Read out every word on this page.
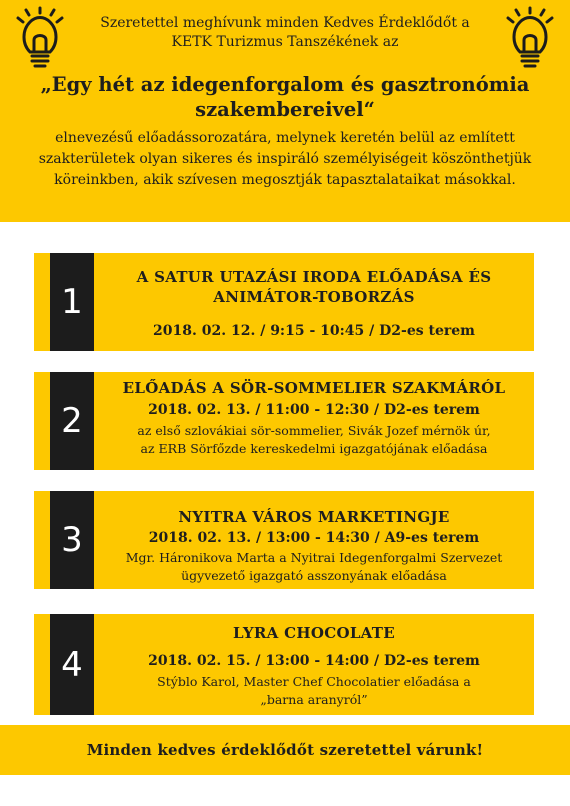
Szeretettel meghívunk minden Kedves Érdeklődőt a
KETK Turizmus Tanszékének az
„Egy hét az idegenforgalom és gasztronómia
szakembereivel“
elnevezésű előadássorozatára, melynek keretén belül az említett
szakterületek olyan sikeres és inspiráló személyiségeit köszönthetjük
köreinkben, akik szívesen megosztják tapasztalataikat másokkal.
1
A SATUR UTAZÁSI IRODA ELŐADÁSA ÉS
ANIMÁTOR-TOBORZÁS
2018. 02. 12. / 9:15 - 10:45 / D2-es terem
2
ELŐADÁS A SÖR-SOMMELIER SZAKMÁRÓL
2018. 02. 13. / 11:00 - 12:30 / D2-es terem
az első szlovákiai sör-sommelier, Sivák Jozef mérnök úr,
az ERB Sörfőzde kereskedelmi igazgatójának előadása
3
NYITRA VÁROS MARKETINGJE
2018. 02. 13. / 13:00 - 14:30 / A9-es terem
Mgr. Háronikova Marta a Nyitrai Idegenforgalmi Szervezet
ügyvezető igazgató asszonyának előadása
4
LYRA CHOCOLATE
2018. 02. 15. / 13:00 - 14:00 / D2-es terem
Stýblo Karol, Master Chef Chocolatier előadása a
„barna aranyról”
Minden kedves érdeklődőt szeretettel várunk!
